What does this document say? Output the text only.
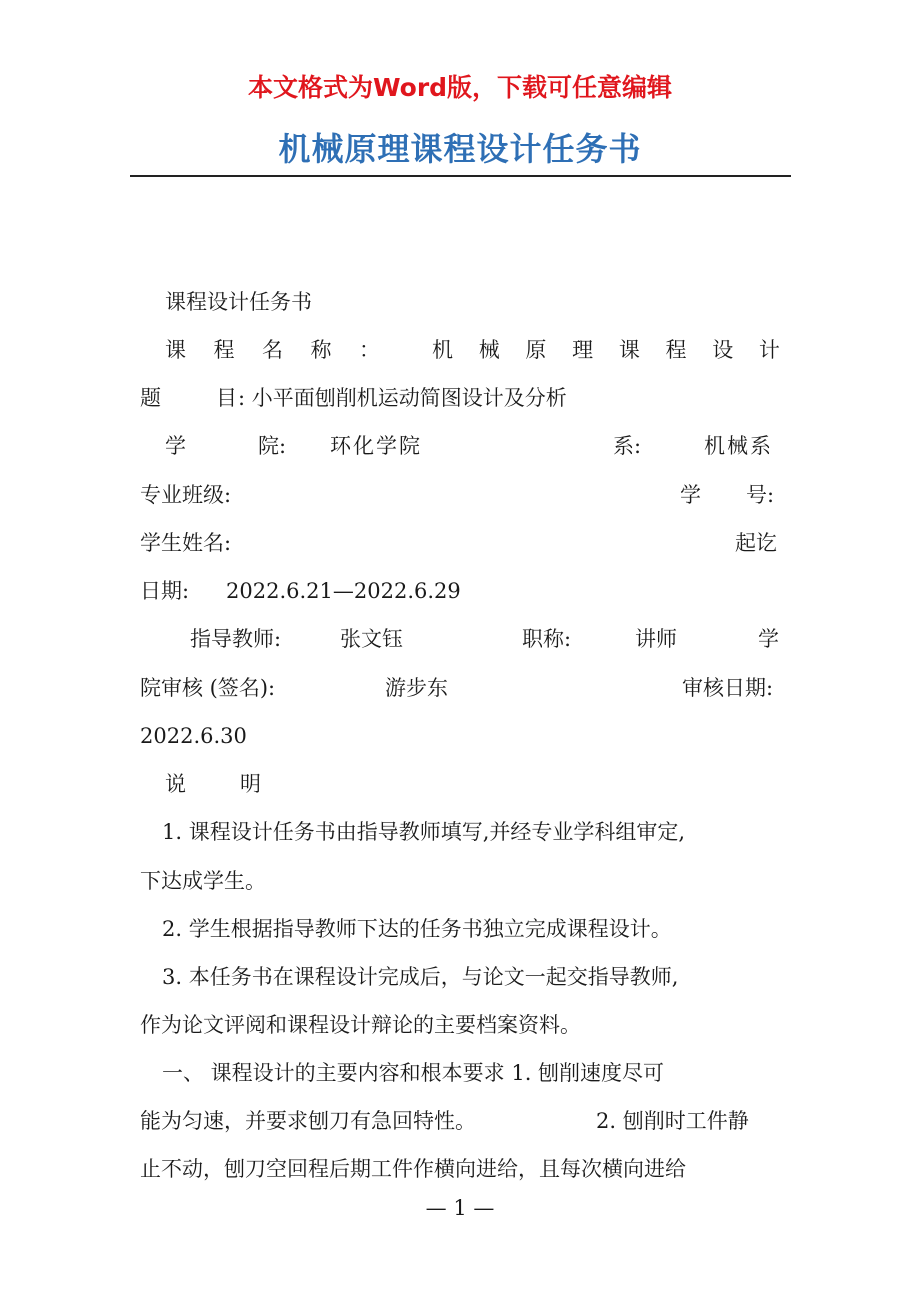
本文格式为Word版，下载可任意编辑
机械原理课程设计任务书
课程设计任务书
课 程 名 称 ： 机 械 原 理 课 程 设 计
题	目 : 小平面刨削机运动简图设计及分析
学	院: 环化学院	系:	机械系
专业班级:	学 号:
学生姓名:	起讫
日期: 2022.6.21—2022.6.29
指导教师:	张文钰	职称:	讲师	学
院审核 (签名):	游步东	审核日期:
2022.6.30
说	明
1. 课程设计任务书由指导教师填写,并经专业学科组审定,
下达成学生。
2. 学生根据指导教师下达的任务书独立完成课程设计。
3. 本任务书在课程设计完成后，与论文一起交指导教师,
作为论文评阅和课程设计辩论的主要档案资料。
一、 课程设计的主要内容和根本要求 1. 刨削速度尽可
能为匀速，并要求刨刀有急回特性。	2. 刨削时工件静
止不动，刨刀空回程后期工件作横向进给，且每次横向进给
— 1 —
